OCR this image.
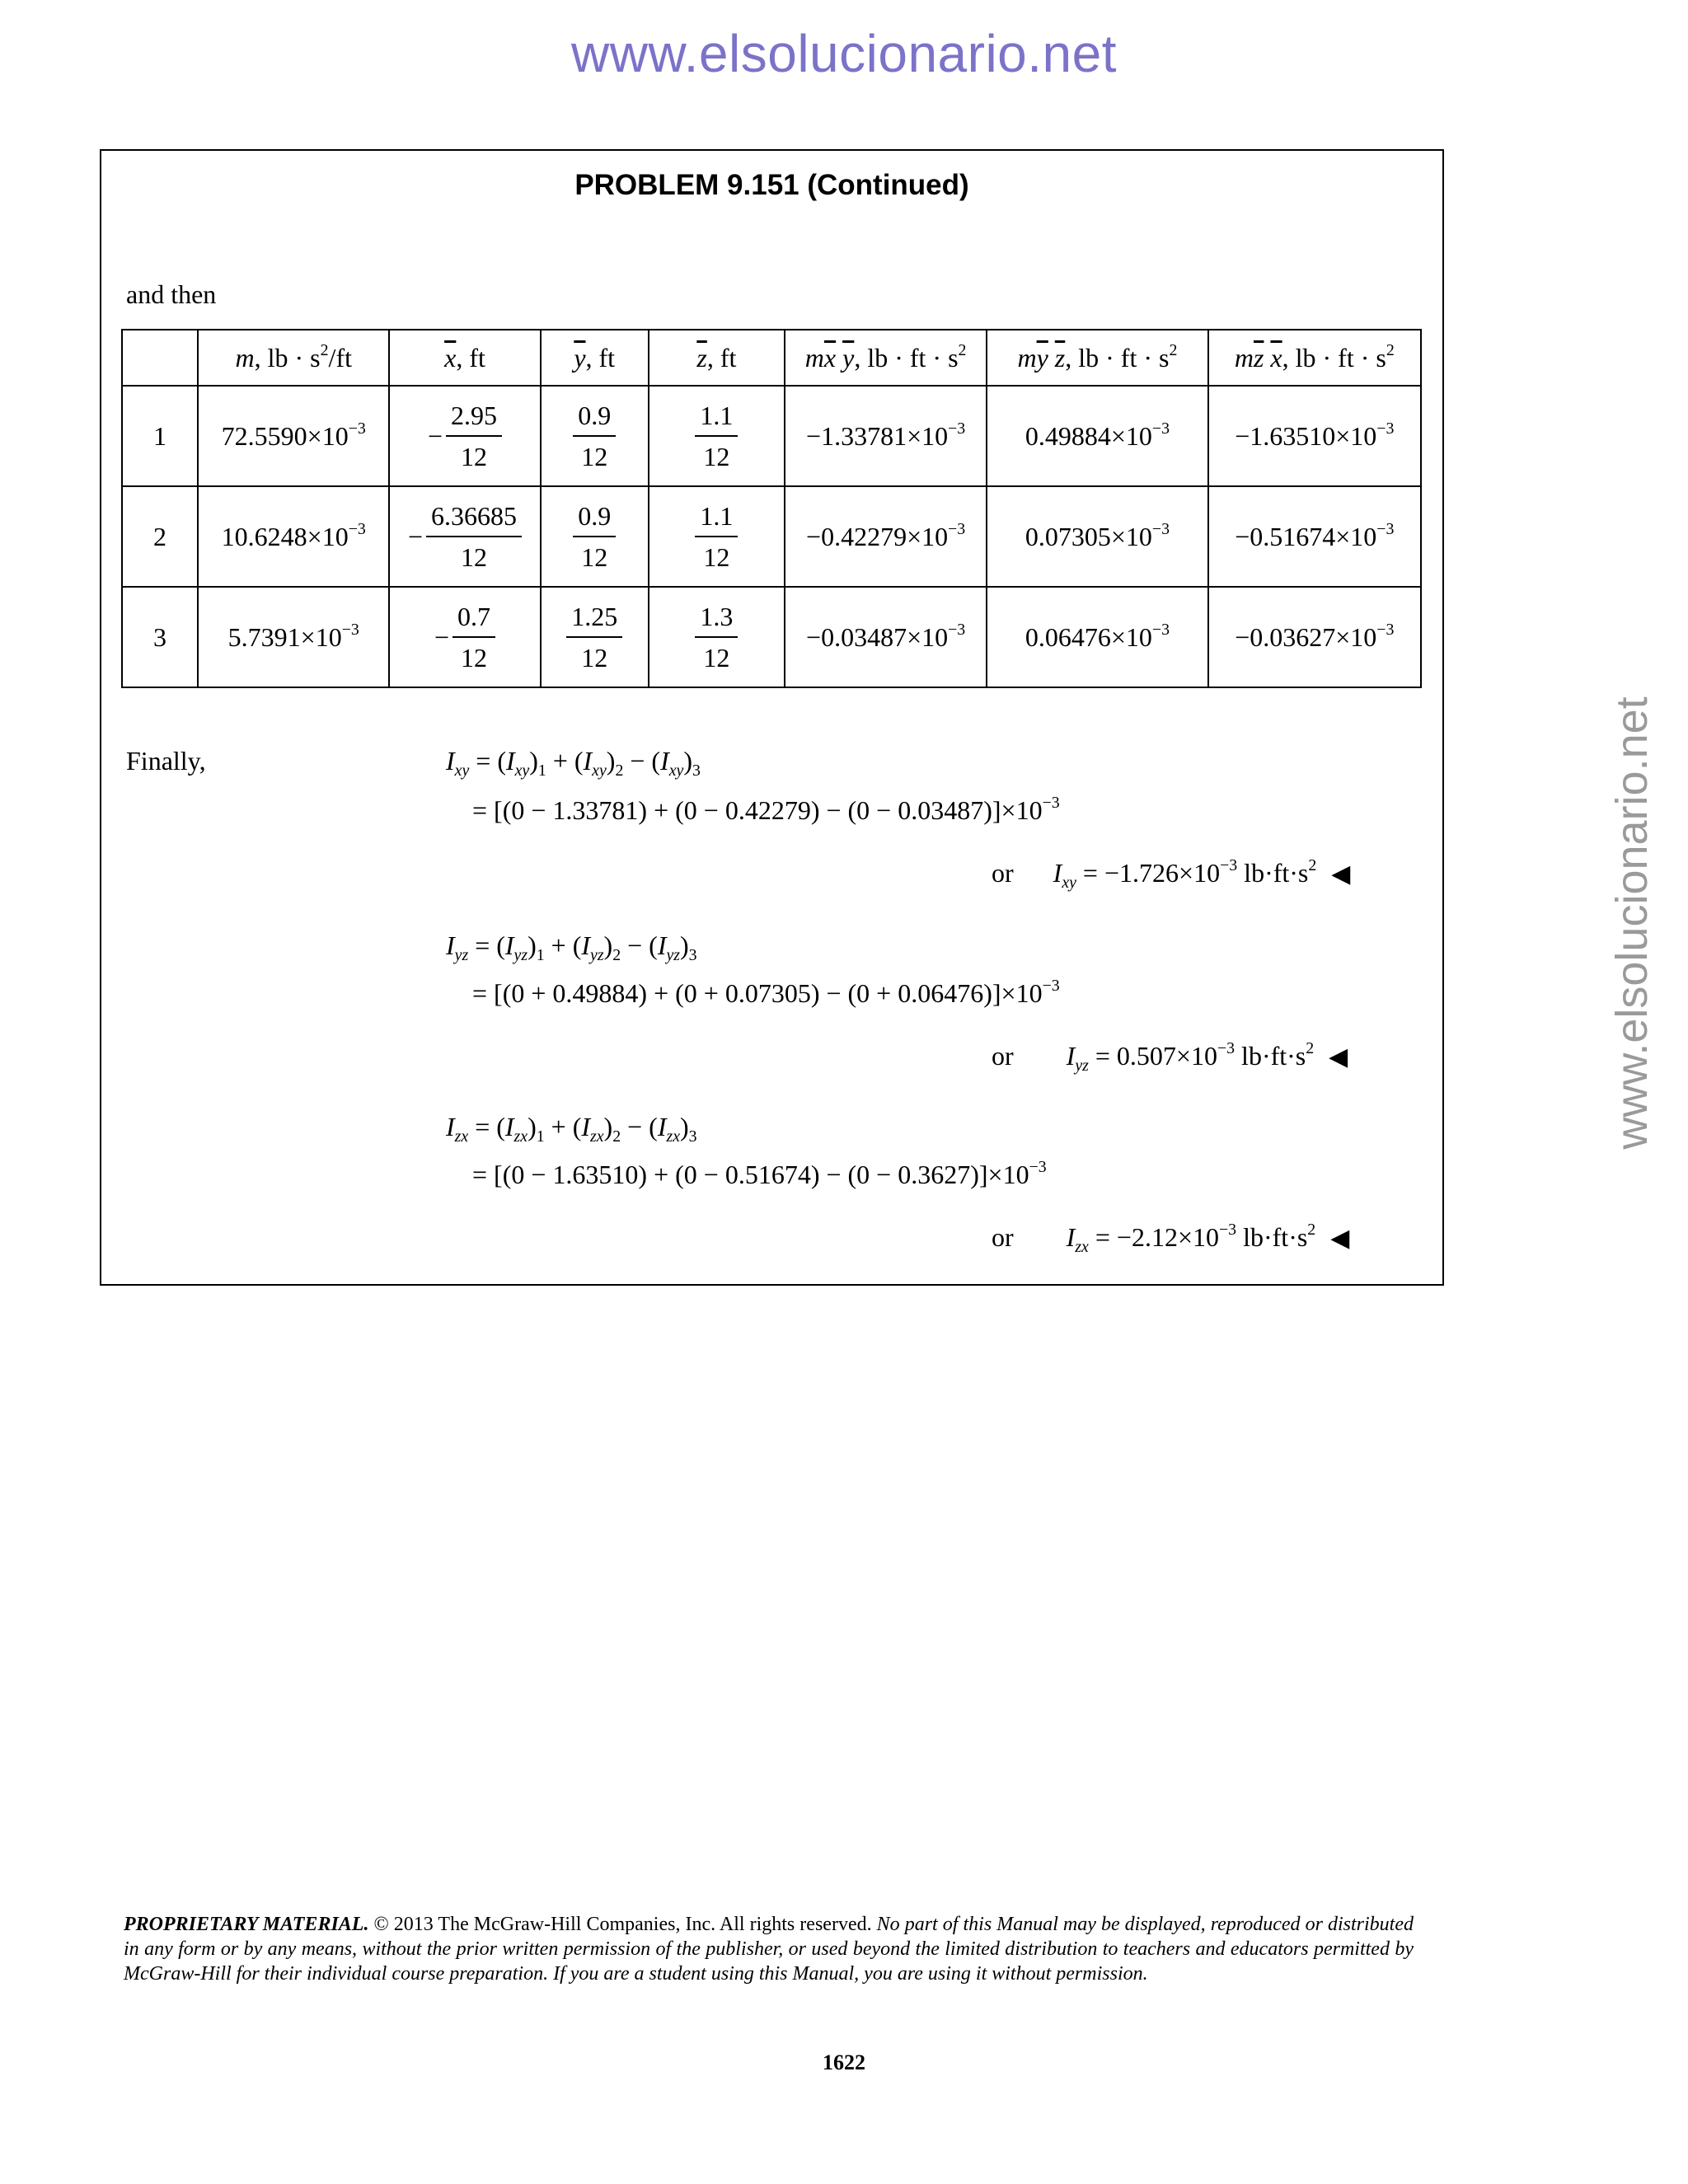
www.elsolucionario.net
www.elsolucionario.net
PROBLEM 9.151 (Continued)
and then
	m, lb · $s^2/ft$	$\overline{x}$, ft	$\overline{y}$, ft	$\overline{z}$, ft	$m\overline{x}$ $\overline{y}$, lb · ft · $s^2$	$m\overline{y}$ $\overline{z}$, lb · ft · $s^2$	$m\overline{z}$ $\overline{x}$, lb · ft · $s^2$
1	$72.5590\times 10^{-3}$	− $\frac{2.95}{12}$	$\frac{0.9}{12}$	$\frac{1.1}{12}$	$-1.33781\times 10^{-3}$	$0.49884\times 10^{-3}$	$-1.63510\times 10^{-3}$
2	$10.6248\times 10^{-3}$	− $\frac{6.36685}{12}$	$\frac{0.9}{12}$	$\frac{1.1}{12}$	$-0.42279\times 10^{-3}$	$0.07305\times 10^{-3}$	$-0.51674\times 10^{-3}$
3	$5.7391\times 10^{-3}$	− $\frac{0.7}{12}$	$\frac{1.25}{12}$	$\frac{1.3}{12}$	$-0.03487\times 10^{-3}$	$0.06476\times 10^{-3}$	$-0.03627\times 10^{-3}$
Finally,	$I_{xy} = (I_{xy})_1 + (I_{xy})_2 - (I_{xy})_3$
= $[(0 - 1.33781) + (0 - 0.42279) - (0 - 0.03487)]\times 10^{-3}$
or $I_{xy} = -1.726\times 10^{-3}$ $lb\cdot ft\cdot s^2$ ◀
$I_{yz} = (I_{yz})_1 + (I_{yz})_2 - (I_{yz})_3$
= $[(0 + 0.49884) + (0 + 0.07305) - (0 + 0.06476)]\times 10^{-3}$
or $I_{yz} = 0.507\times 10^{-3}$ $lb\cdot ft\cdot s^2$ ◀
$I_{zx} = (I_{zx})_1 + (I_{zx})_2 - (I_{zx})_3$
= $[(0 - 1.63510) + (0 - 0.51674) - (0 - 0.3627)]\times 10^{-3}$
or $I_{zx} = -2.12\times 10^{-3}$ $lb\cdot ft\cdot s^2$ ◀
PROPRIETARY MATERIAL. © 2013 The McGraw-Hill Companies, Inc. All rights reserved. No part of this Manual may be displayed, reproduced or distributed in any form or by any means, without the prior written permission of the publisher, or used beyond the limited distribution to teachers and educators permitted by McGraw-Hill for their individual course preparation. If you are a student using this Manual, you are using it without permission.
1622
